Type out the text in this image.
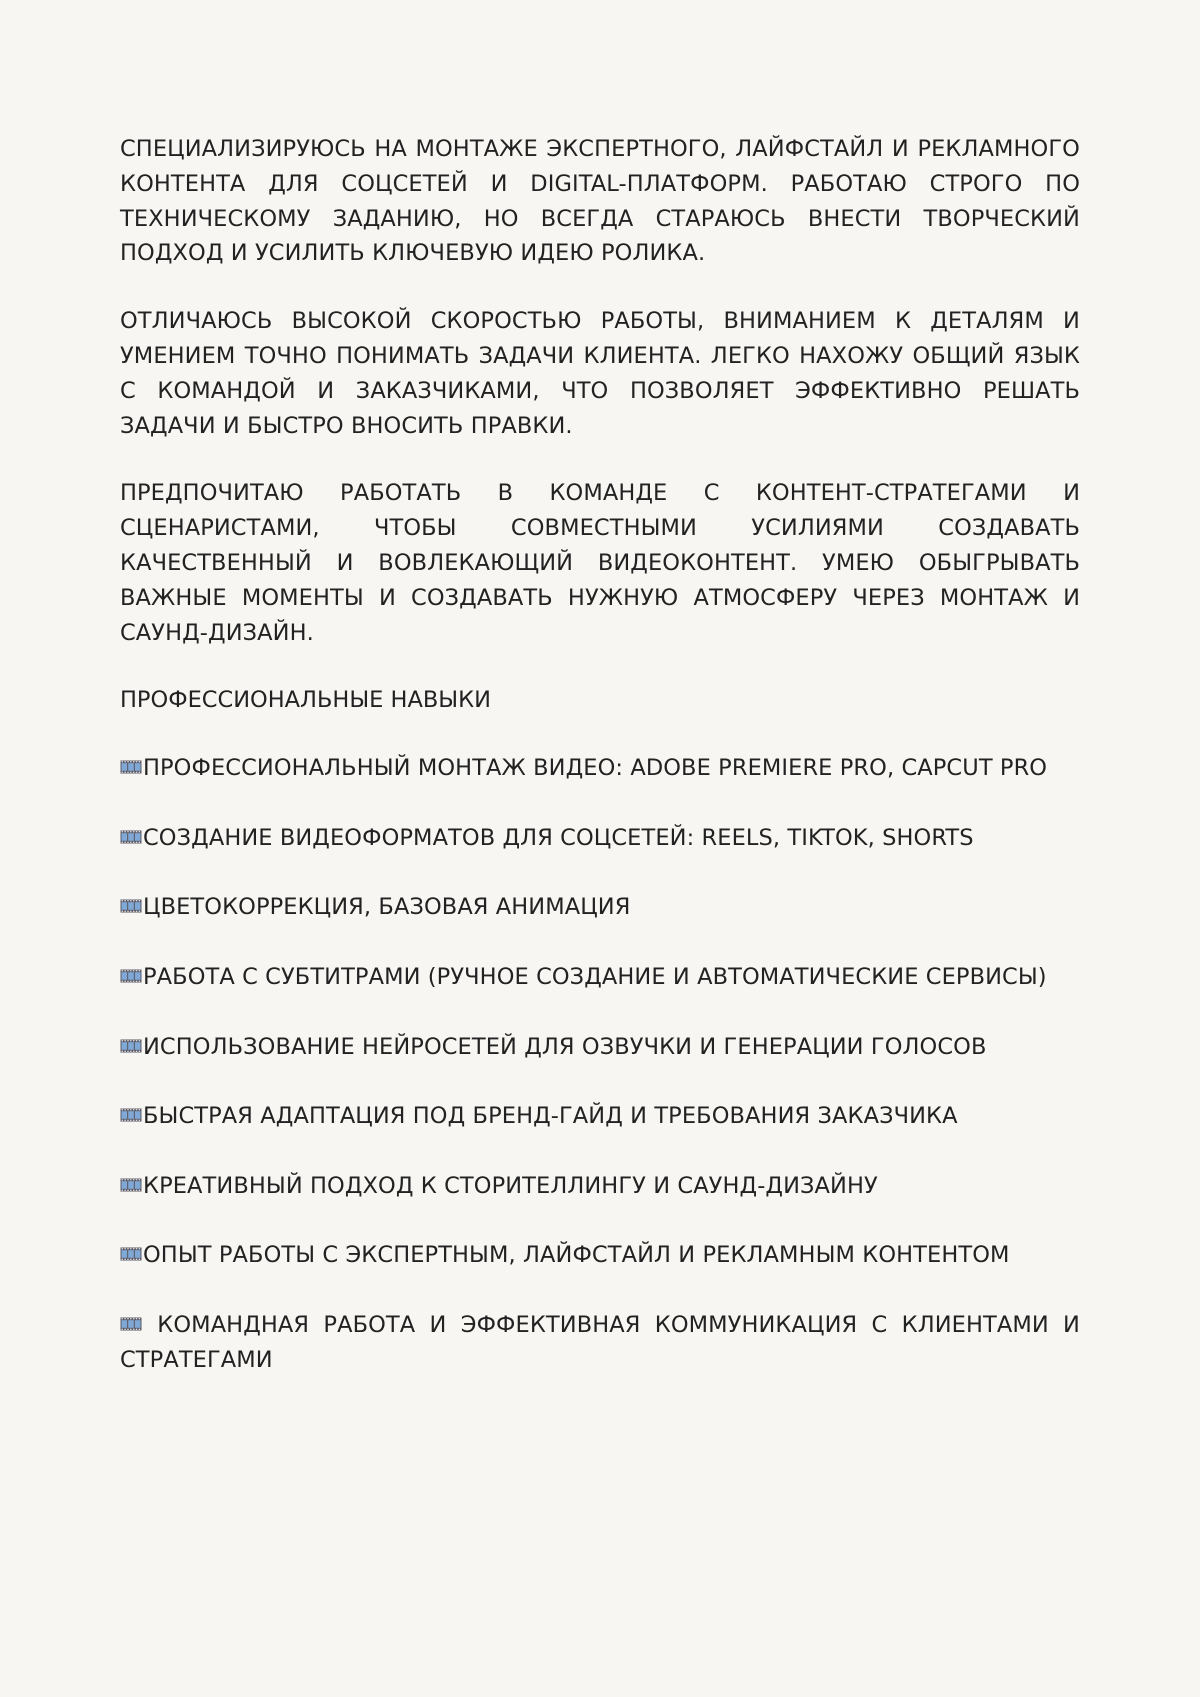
СПЕЦИАЛИЗИРУЮСЬ НА МОНТАЖЕ ЭКСПЕРТНОГО, ЛАЙФСТАЙЛ И РЕКЛАМНОГО КОНТЕНТА ДЛЯ СОЦСЕТЕЙ И DIGITAL-ПЛАТФОРМ. РАБОТАЮ СТРОГО ПО ТЕХНИЧЕСКОМУ ЗАДАНИЮ, НО ВСЕГДА СТАРАЮСЬ ВНЕСТИ ТВОРЧЕСКИЙ ПОДХОД И УСИЛИТЬ КЛЮЧЕВУЮ ИДЕЮ РОЛИКА.

ОТЛИЧАЮСЬ ВЫСОКОЙ СКОРОСТЬЮ РАБОТЫ, ВНИМАНИЕМ К ДЕТАЛЯМ И УМЕНИЕМ ТОЧНО ПОНИМАТЬ ЗАДАЧИ КЛИЕНТА. ЛЕГКО НАХОЖУ ОБЩИЙ ЯЗЫК С КОМАНДОЙ И ЗАКАЗЧИКАМИ, ЧТО ПОЗВОЛЯЕТ ЭФФЕКТИВНО РЕШАТЬ ЗАДАЧИ И БЫСТРО ВНОСИТЬ ПРАВКИ.

ПРЕДПОЧИТАЮ РАБОТАТЬ В КОМАНДЕ С КОНТЕНТ-СТРАТЕГАМИ И СЦЕНАРИСТАМИ, ЧТОБЫ СОВМЕСТНЫМИ УСИЛИЯМИ СОЗДАВАТЬ КАЧЕСТВЕННЫЙ И ВОВЛЕКАЮЩИЙ ВИДЕОКОНТЕНТ. УМЕЮ ОБЫГРЫВАТЬ ВАЖНЫЕ МОМЕНТЫ И СОЗДАВАТЬ НУЖНУЮ АТМОСФЕРУ ЧЕРЕЗ МОНТАЖ И САУНД-ДИЗАЙН.

ПРОФЕССИОНАЛЬНЫЕ НАВЫКИ

ПРОФЕССИОНАЛЬНЫЙ МОНТАЖ ВИДЕО: ADOBE PREMIERE PRO, CAPCUT PRO
СОЗДАНИЕ ВИДЕОФОРМАТОВ ДЛЯ СОЦСЕТЕЙ: REELS, TIKTOK, SHORTS
ЦВЕТОКОРРЕКЦИЯ, БАЗОВАЯ АНИМАЦИЯ
РАБОТА С СУБТИТРАМИ (РУЧНОЕ СОЗДАНИЕ И АВТОМАТИЧЕСКИЕ СЕРВИСЫ)
ИСПОЛЬЗОВАНИЕ НЕЙРОСЕТЕЙ ДЛЯ ОЗВУЧКИ И ГЕНЕРАЦИИ ГОЛОСОВ
БЫСТРАЯ АДАПТАЦИЯ ПОД БРЕНД-ГАЙД И ТРЕБОВАНИЯ ЗАКАЗЧИКА
КРЕАТИВНЫЙ ПОДХОД К СТОРИТЕЛЛИНГУ И САУНД-ДИЗАЙНУ
ОПЫТ РАБОТЫ С ЭКСПЕРТНЫМ, ЛАЙФСТАЙЛ И РЕКЛАМНЫМ КОНТЕНТОМ
КОМАНДНАЯ РАБОТА И ЭФФЕКТИВНАЯ КОММУНИКАЦИЯ С КЛИЕНТАМИ И СТРАТЕГАМИ
